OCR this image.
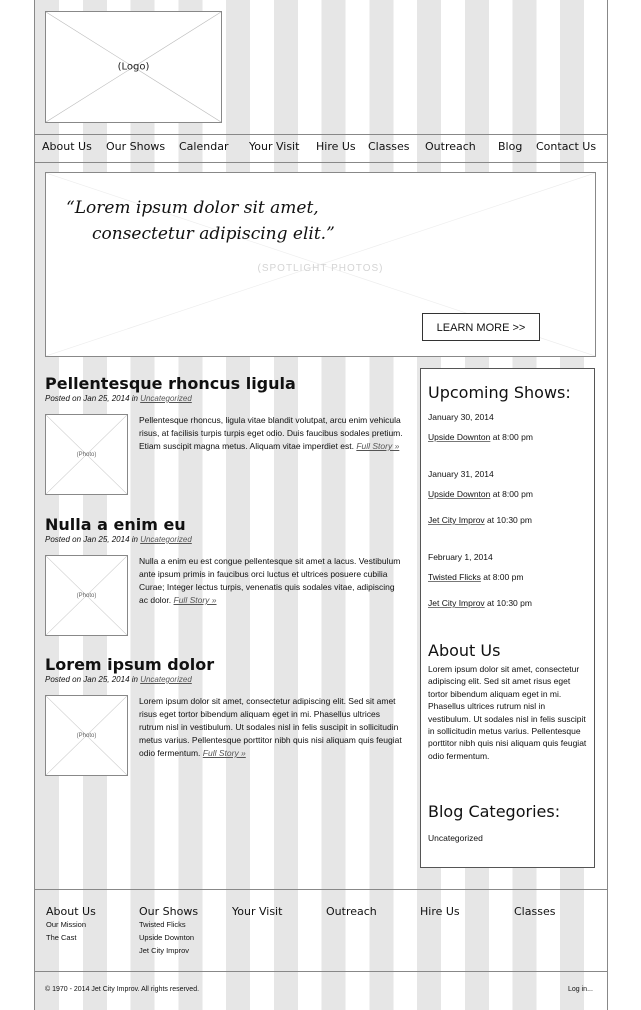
(Logo)
About Us Our Shows Calendar Your Visit Hire Us Classes Outreach Blog Contact Us
“Lorem ipsum dolor sit amet,
consectetur adipiscing elit.”
(SPOTLIGHT PHOTOS)
LEARN MORE >>
Pellentesque rhoncus ligula
Posted on Jan 25, 2014 in Uncategorized
(Photo)
Pellentesque rhoncus, ligula vitae blandit volutpat, arcu enim vehicula risus, at facilisis turpis turpis eget odio. Duis faucibus sodales pretium. Etiam suscipit magna metus. Aliquam vitae imperdiet est. Full Story »
Nulla a enim eu
Posted on Jan 25, 2014 in Uncategorized
(Photo)
Nulla a enim eu est congue pellentesque sit amet a lacus. Vestibulum ante ipsum primis in faucibus orci luctus et ultrices posuere cubilia Curae; Integer lectus turpis, venenatis quis sodales vitae, adipiscing ac dolor. Full Story »
Lorem ipsum dolor
Posted on Jan 25, 2014 in Uncategorized
(Photo)
Lorem ipsum dolor sit amet, consectetur adipiscing elit. Sed sit amet risus eget tortor bibendum aliquam eget in mi. Phasellus ultrices rutrum nisl in vestibulum. Ut sodales nisl in felis suscipit in sollicitudin metus varius. Pellentesque porttitor nibh quis nisi aliquam quis feugiat odio fermentum. Full Story »
Upcoming Shows:
January 30, 2014
Upside Downton at 8:00 pm
January 31, 2014
Upside Downton at 8:00 pm
Jet City Improv at 10:30 pm
February 1, 2014
Twisted Flicks at 8:00 pm
Jet City Improv at 10:30 pm
About Us
Lorem ipsum dolor sit amet, consectetur adipiscing elit. Sed sit amet risus eget tortor bibendum aliquam eget in mi. Phasellus ultrices rutrum nisl in vestibulum. Ut sodales nisl in felis suscipit in sollicitudin metus varius. Pellentesque porttitor nibh quis nisi aliquam quis feugiat odio fermentum.
Blog Categories:
Uncategorized
About Us
Our Mission
The Cast
Our Shows
Twisted Flicks
Upside Downton
Jet City Improv
Your Visit	Outreach	Hire Us	Classes
© 1970 - 2014 Jet City Improv. All rights reserved.	Log in...
